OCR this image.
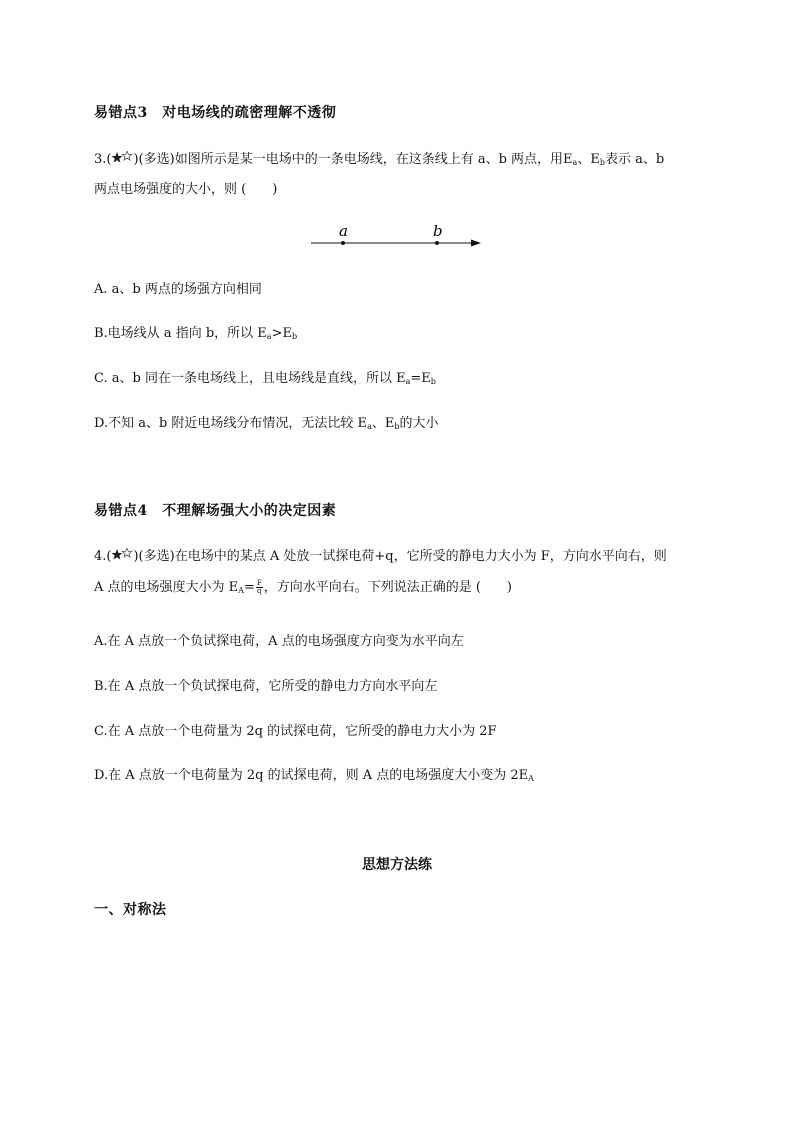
易错点3　对电场线的疏密理解不透彻
3.( )(多选)如图所示是某一电场中的一条电场线，在这条线上有 a、b 两点，用$E_a$、$E_b$表示 a、b
两点电场强度的大小，则 (　　)
a	b
A. a、b 两点的场强方向相同
B.电场线从 a 指向 b，所以 $E_a>E_b$
C. a、b 同在一条电场线上，且电场线是直线，所以 $E_a=E_b$
D.不知 a、b 附近电场线分布情况，无法比较 $E_a$、$E_b$的大小
易错点4　不理解场强大小的决定因素
4.( )(多选)在电场中的某点 A 处放一试探电荷+q，它所受的静电力大小为 F，方向水平向右，则
A 点的电场强度大小为 $E_A= \frac{F}{q}$ ，方向水平向右。下列说法正确的是 (　　)
A.在 A 点放一个负试探电荷，A 点的电场强度方向变为水平向左
B.在 A 点放一个负试探电荷，它所受的静电力方向水平向左
C.在 A 点放一个电荷量为 2q 的试探电荷，它所受的静电力大小为 2F
D.在 A 点放一个电荷量为 2q 的试探电荷，则 A 点的电场强度大小变为 $2E_A$
思想方法练
一、对称法
